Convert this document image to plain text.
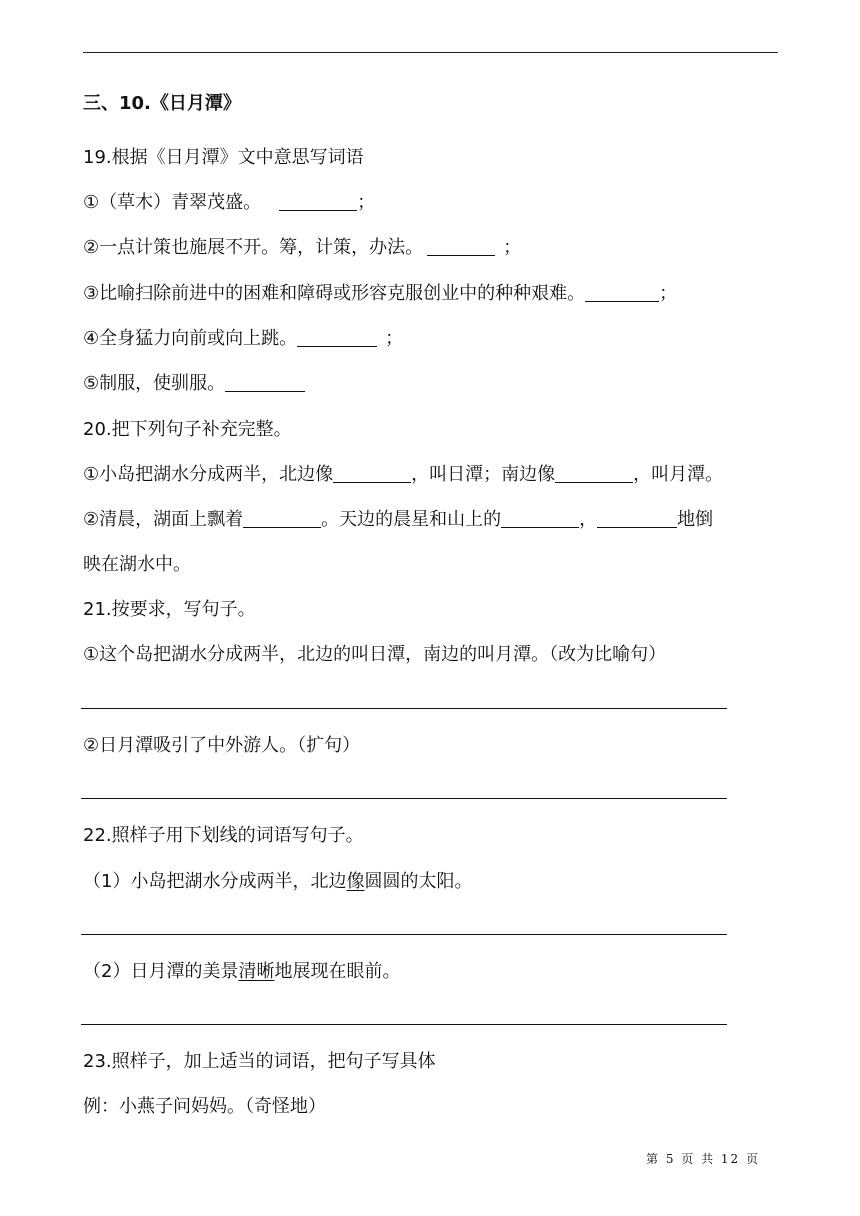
三、10.《日月潭》
19.根据《日月潭》文中意思写词语
①（草木）青翠茂盛。	；
②一点计策也施展不开。筹，计策，办法。	；
③比喻扫除前进中的困难和障碍或形容克服创业中的种种艰难。	；
④全身猛力向前或向上跳。	；
⑤制服，使驯服。
20.把下列句子补充完整。
①小岛把湖水分成两半，北边像	，叫日潭；南边像	，叫月潭。
②清晨，湖面上飘着	。天边的晨星和山上的	，	地倒
映在湖水中。
21.按要求，写句子。
①这个岛把湖水分成两半，北边的叫日潭，南边的叫月潭。（改为比喻句）
②日月潭吸引了中外游人。（扩句）
22.照样子用下划线的词语写句子。
（1）小岛把湖水分成两半，北边像圆圆的太阳。
（2）日月潭的美景清晰地展现在眼前。
23.照样子，加上适当的词语，把句子写具体
例：小燕子问妈妈。（奇怪地）
第 5 页 共 12 页
